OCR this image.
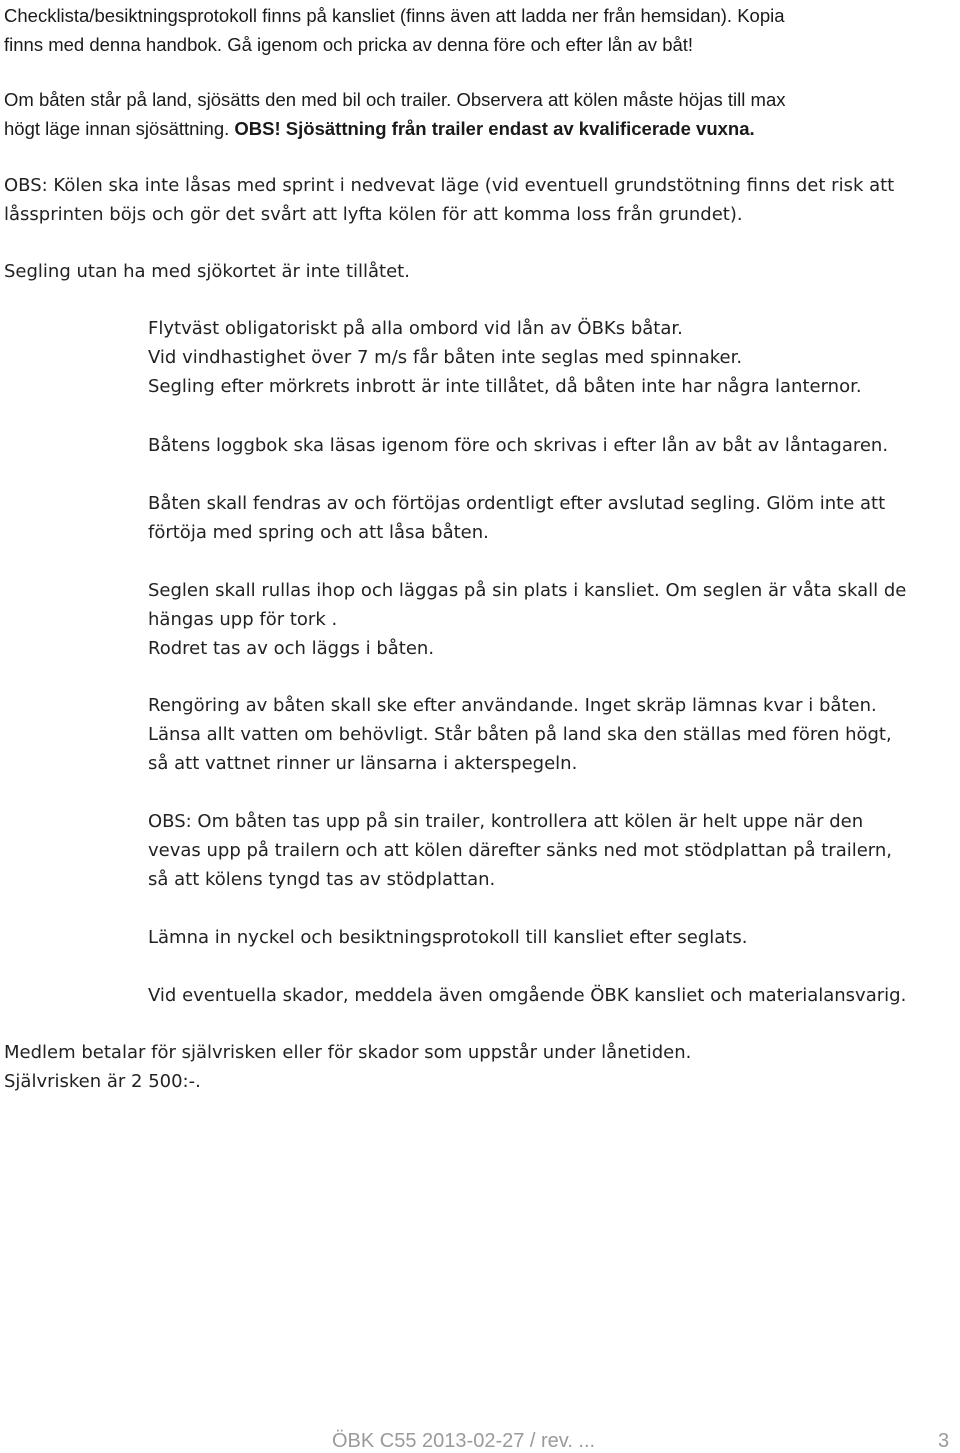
Checklista/besiktningsprotokoll finns på kansliet (finns även att ladda ner från hemsidan). Kopia
finns med denna handbok. Gå igenom och pricka av denna före och efter lån av båt!
Om båten står på land, sjösätts den med bil och trailer. Observera att kölen måste höjas till max
högt läge innan sjösättning. OBS! Sjösättning från trailer endast av kvalificerade vuxna.
OBS: Kölen ska inte låsas med sprint i nedvevat läge (vid eventuell grundstötning finns det risk att
låssprinten böjs och gör det svårt att lyfta kölen för att komma loss från grundet).
Segling utan ha med sjökortet är inte tillåtet.
Flytväst obligatoriskt på alla ombord vid lån av ÖBKs båtar.
Vid vindhastighet över 7 m/s får båten inte seglas med spinnaker.
Segling efter mörkrets inbrott är inte tillåtet, då båten inte har några lanternor.
Båtens loggbok ska läsas igenom före och skrivas i efter lån av båt av låntagaren.
Båten skall fendras av och förtöjas ordentligt efter avslutad segling. Glöm inte att
förtöja med spring och att låsa båten.
Seglen skall rullas ihop och läggas på sin plats i kansliet. Om seglen är våta skall de
hängas upp för tork .
Rodret tas av och läggs i båten.
Rengöring av båten skall ske efter användande. Inget skräp lämnas kvar i båten.
Länsa allt vatten om behövligt. Står båten på land ska den ställas med fören högt,
så att vattnet rinner ur länsarna i akterspegeln.
OBS: Om båten tas upp på sin trailer, kontrollera att kölen är helt uppe när den
vevas upp på trailern och att kölen därefter sänks ned mot stödplattan på trailern,
så att kölens tyngd tas av stödplattan.
Lämna in nyckel och besiktningsprotokoll till kansliet efter seglats.
Vid eventuella skador, meddela även omgående ÖBK kansliet och materialansvarig.
Medlem betalar för självrisken eller för skador som uppstår under lånetiden.
Självrisken är 2 500:-.
ÖBK C55 2013-02-27 / rev. ...	3
